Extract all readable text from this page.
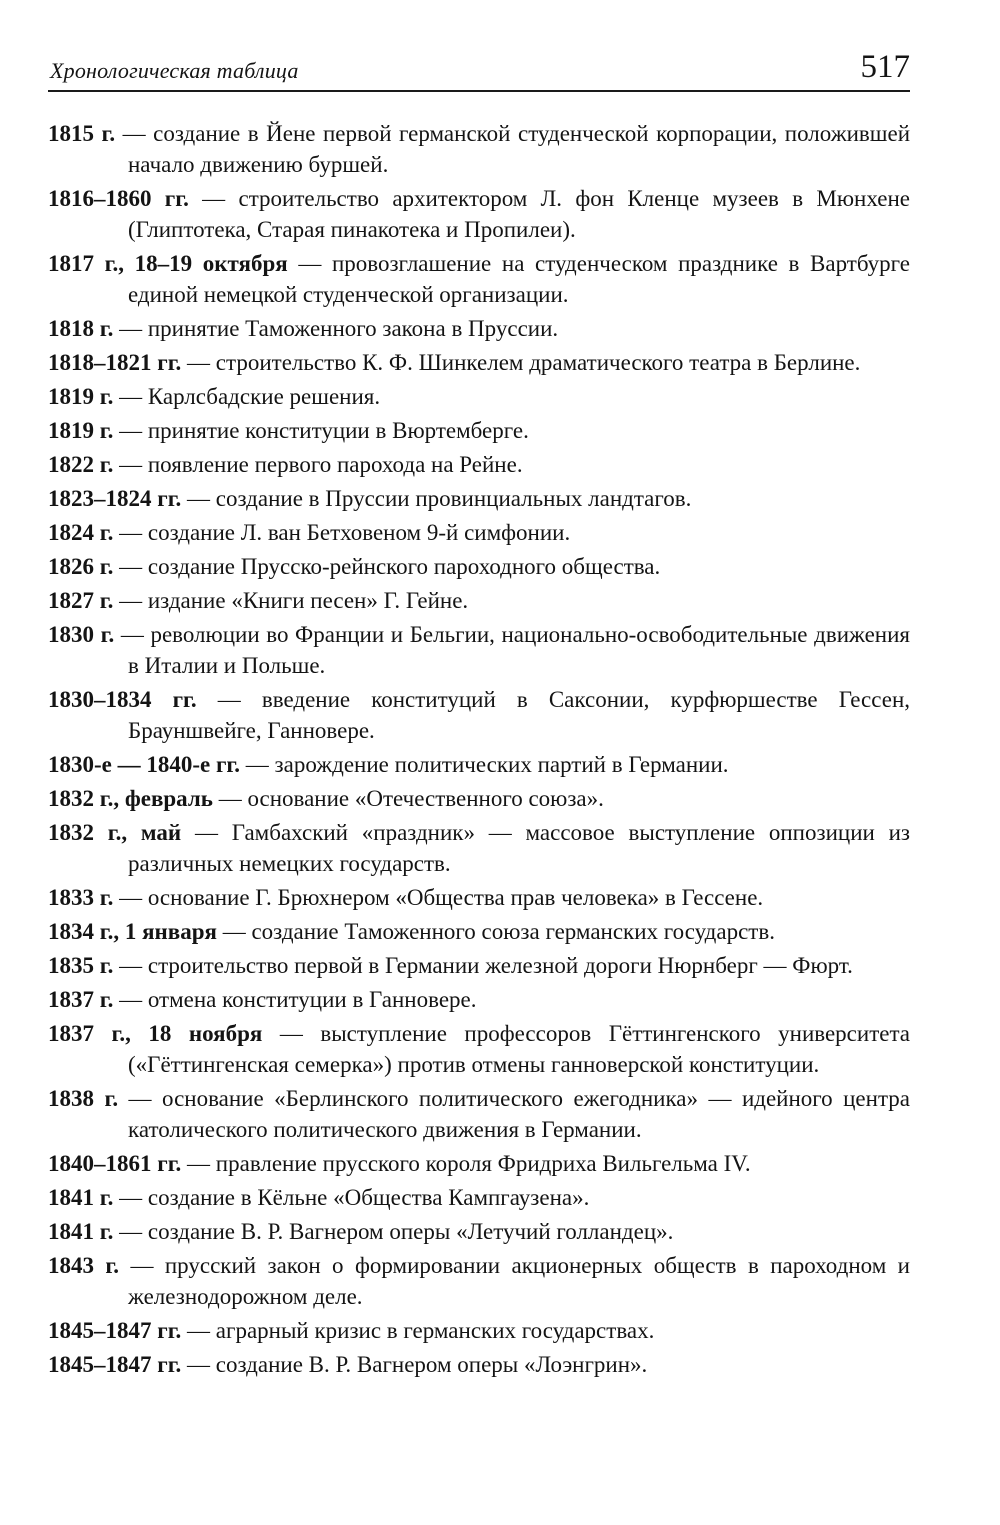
Хронологическая таблица	517

1815 г. — создание в Йене первой германской студенческой корпорации, положившей начало движению буршей.

1816–1860 гг. — строительство архитектором Л. фон Кленце музеев в Мюнхене (Глиптотека, Старая пинакотека и Пропилеи).

1817 г., 18–19 октября — провозглашение на студенческом празднике в Вартбурге единой немецкой студенческой организации.

1818 г. — принятие Таможенного закона в Пруссии.

1818–1821 гг. — строительство К. Ф. Шинкелем драматического театра в Берлине.

1819 г. — Карлсбадские решения.

1819 г. — принятие конституции в Вюртемберге.

1822 г. — появление первого парохода на Рейне.

1823–1824 гг. — создание в Пруссии провинциальных ландтагов.

1824 г. — создание Л. ван Бетховеном 9-й симфонии.

1826 г. — создание Прусско-рейнского пароходного общества.

1827 г. — издание «Книги песен» Г. Гейне.

1830 г. — революции во Франции и Бельгии, национально-освободительные движения в Италии и Польше.

1830–1834 гг. — введение конституций в Саксонии, курфюршестве Гессен, Брауншвейге, Ганновере.

1830-е — 1840-е гг. — зарождение политических партий в Германии.

1832 г., февраль — основание «Отечественного союза».

1832 г., май — Гамбахский «праздник» — массовое выступление оппозиции из различных немецких государств.

1833 г. — основание Г. Брюхнером «Общества прав человека» в Гессене.

1834 г., 1 января — создание Таможенного союза германских государств.

1835 г. — строительство первой в Германии железной дороги Нюрнберг — Фюрт.

1837 г. — отмена конституции в Ганновере.

1837 г., 18 ноября — выступление профессоров Гёттингенского университета («Гёттингенская семерка») против отмены ганноверской конституции.

1838 г. — основание «Берлинского политического ежегодника» — идейного центра католического политического движения в Германии.

1840–1861 гг. — правление прусского короля Фридриха Вильгельма IV.

1841 г. — создание в Кёльне «Общества Кампгаузена».

1841 г. — создание В. Р. Вагнером оперы «Летучий голландец».

1843 г. — прусский закон о формировании акционерных обществ в пароходном и железнодорожном деле.

1845–1847 гг. — аграрный кризис в германских государствах.

1845–1847 гг. — создание В. Р. Вагнером оперы «Лоэнгрин».
